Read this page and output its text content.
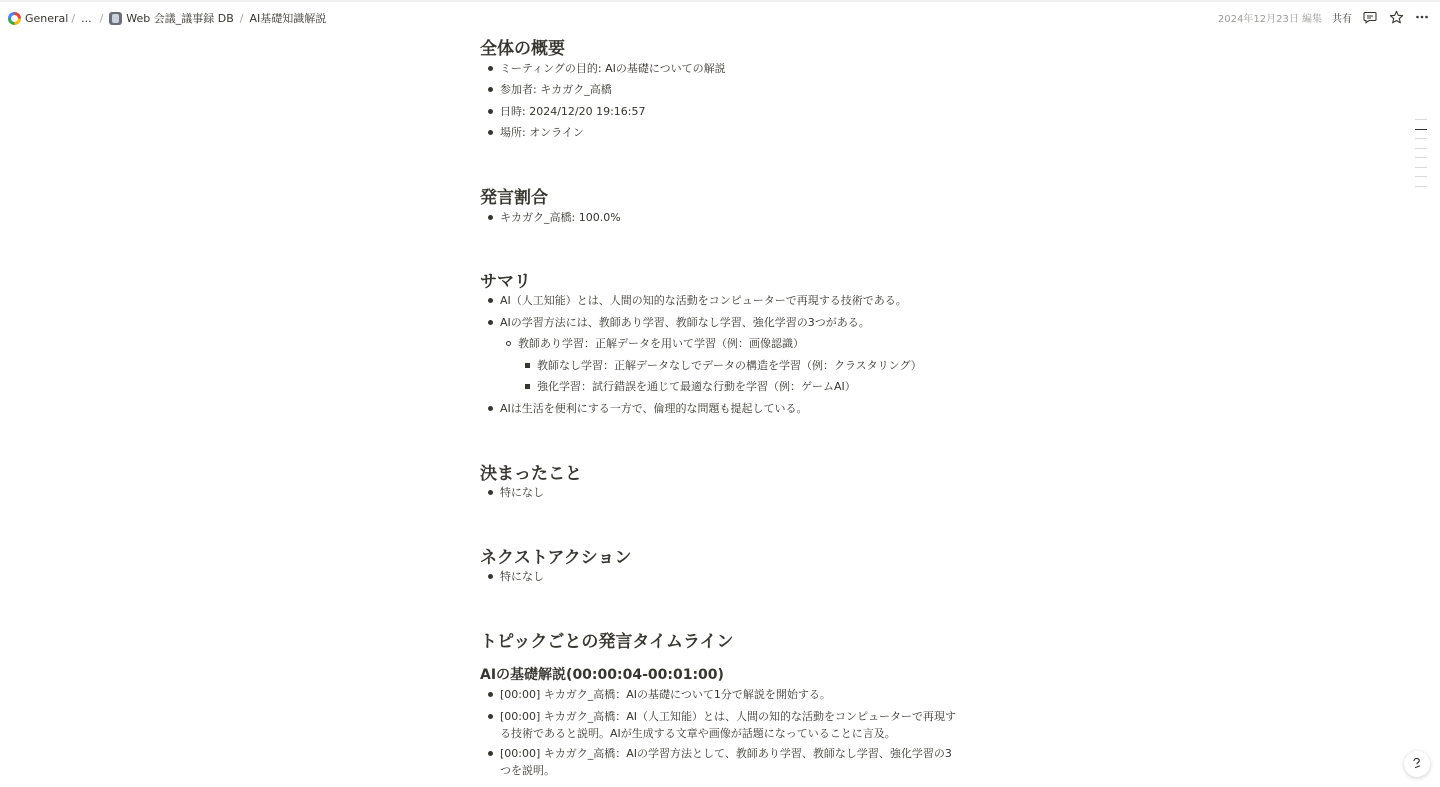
General / ... / Web 会議_議事録 DB / AI基礎知識解説	2024年12月23日 編集 共有
全体の概要
ミーティングの目的: AIの基礎についての解説
参加者: キカガク_高橋
日時: 2024/12/20 19:16:57
場所: オンライン
発言割合
キカガク_高橋: 100.0%
サマリ
AI（人工知能）とは、人間の知的な活動をコンピューターで再現する技術である。
AIの学習方法には、教師あり学習、教師なし学習、強化学習の3つがある。
教師あり学習：正解データを用いて学習（例：画像認識）
教師なし学習：正解データなしでデータの構造を学習（例：クラスタリング）
強化学習：試行錯誤を通じて最適な行動を学習（例：ゲームAI）
AIは生活を便利にする一方で、倫理的な問題も提起している。
決まったこと
特になし
ネクストアクション
特になし
トピックごとの発言タイムライン
AIの基礎解説(00:00:04-00:01:00)
[00:00] キカガク_高橋：AIの基礎について1分で解説を開始する。
[00:00] キカガク_高橋：AI（人工知能）とは、人間の知的な活動をコンピューターで再現する技術であると説明。AIが生成する文章や画像が話題になっていることに言及。
[00:00] キカガク_高橋：AIの学習方法として、教師あり学習、教師なし学習、強化学習の3つを説明。
